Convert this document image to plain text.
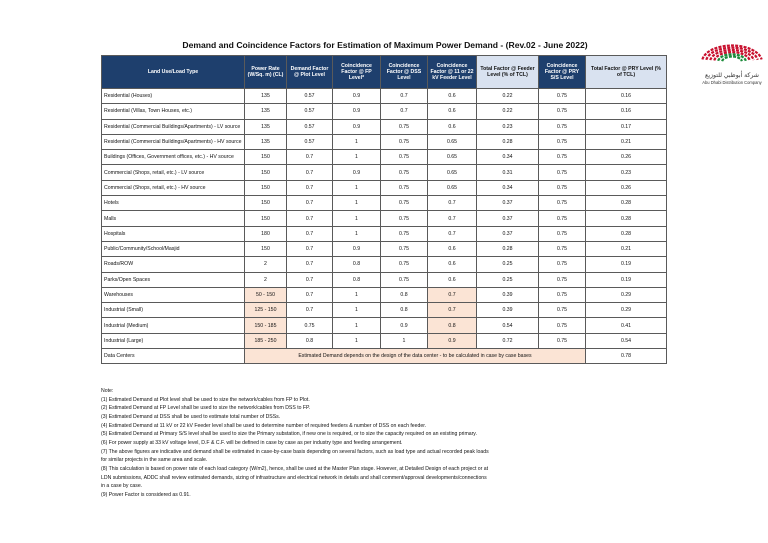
Demand and Coincidence Factors for Estimation of Maximum Power Demand - (Rev.02 - June 2022)
شركة أبوظبي للتوزيع
Abu Dhabi Distribution Company
Land Use/Load Type	Power Rate (W/Sq. m) (CL)	Demand Factor @ Plot Level	Coincidence Factor @ FP Level*	Coincidence Factor @ DSS Level	Coincidence Factor @ 11 or 22 kV Feeder Level	Total Factor @ Feeder Level (% of TCL)	Coincidence Factor @ PRY S/S Level	Total Factor @ PRY Level (% of TCL)
Residential (Houses)	135	0.57	0.9	0.7	0.6	0.22	0.75	0.16
Residential (Villas, Town Houses, etc.)	135	0.57	0.9	0.7	0.6	0.22	0.75	0.16
Residential (Commercial Buildings/Apartments) - LV source	135	0.57	0.9	0.75	0.6	0.23	0.75	0.17
Residential (Commercial Buildings/Apartments) - HV source	135	0.57	1	0.75	0.65	0.28	0.75	0.21
Buildings (Offices, Government offices, etc.) - HV source	150	0.7	1	0.75	0.65	0.34	0.75	0.26
Commercial (Shops, retail, etc.) - LV source	150	0.7	0.9	0.75	0.65	0.31	0.75	0.23
Commercial (Shops, retail, etc.) - HV source	150	0.7	1	0.75	0.65	0.34	0.75	0.26
Hotels	150	0.7	1	0.75	0.7	0.37	0.75	0.28
Malls	150	0.7	1	0.75	0.7	0.37	0.75	0.28
Hospitals	180	0.7	1	0.75	0.7	0.37	0.75	0.28
Public/Community/School/Masjid	150	0.7	0.9	0.75	0.6	0.28	0.75	0.21
Roads/ROW	2	0.7	0.8	0.75	0.6	0.25	0.75	0.19
Parks/Open Spaces	2	0.7	0.8	0.75	0.6	0.25	0.75	0.19
Warehouses	50 - 150	0.7	1	0.8	0.7	0.39	0.75	0.29
Industrial (Small)	125 - 150	0.7	1	0.8	0.7	0.39	0.75	0.29
Industrial (Medium)	150 - 185	0.75	1	0.9	0.8	0.54	0.75	0.41
Industrial (Large)	185 - 250	0.8	1	1	0.9	0.72	0.75	0.54
Data Centers	Estimated Demand depends on the design of the data center - to be calculated in case by case bases							0.78
Note:
(1) Estimated Demand at Plot level shall be used to size the network/cables from FP to Plot.
(2) Estimated Demand at FP Level shall be used to size the network/cables from DSS to FP.
(3) Estimated Demand at DSS shall be used to estimate total number of DSSs.
(4) Estimated Demand at 11 kV or 22 kV Feeder level shall be used to determine number of required feeders & number of DSS on each feeder.
(5) Estimated Demand at Primary S/S level shall be used to size the Primary substation, if new one is required, or to size the capacity required on an existing primary.
(6) For power supply at 33 kV voltage level, D.F & C.F. will be defined in case by case as per industry type and feeding arrangement.
(7) The above figures are indicative and demand shall be estimated in case-by-case basis depending on several factors, such as load type and actual recorded peak loads
for similar projects in the same area and scale.
(8) This calculation is based on power rate of each load category (W/m2), hence, shall be used at the Master Plan stage. However, at Detailed Design of each project or at
LDN submissions, ADDC shall review estimated demands, sizing of infrastructure and electrical network in details and shall comment/approval developments/connections
in a case by case.
(9) Power Factor is considered as 0.91.
